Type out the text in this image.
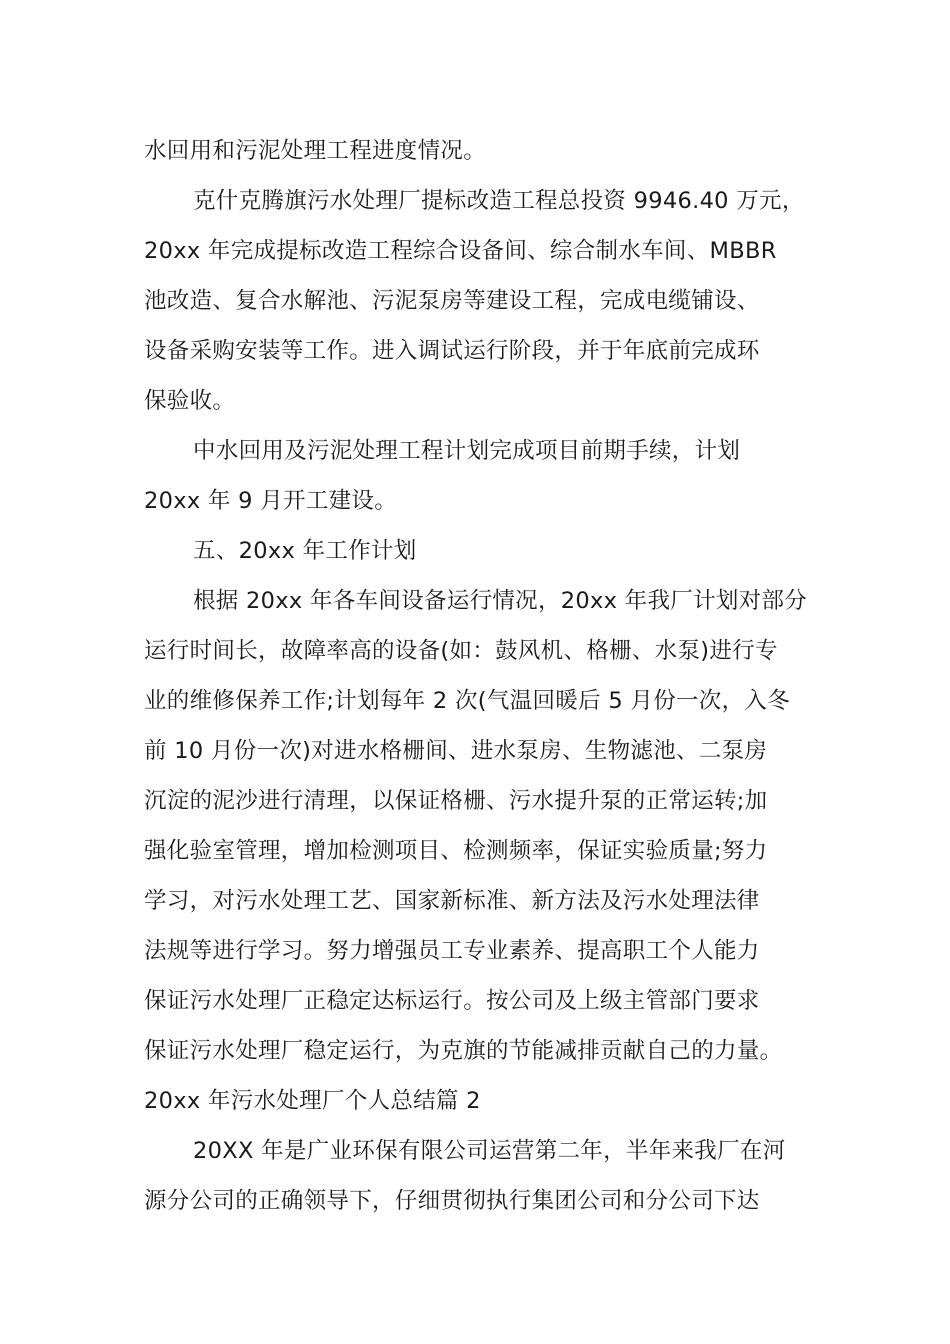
水回用和污泥处理工程进度情况。
克什克腾旗污水处理厂提标改造工程总投资 9946.40 万元，
20xx 年完成提标改造工程综合设备间、综合制水车间、MBBR
池改造、复合水解池、污泥泵房等建设工程，完成电缆铺设、
设备采购安装等工作。进入调试运行阶段，并于年底前完成环
保验收。
中水回用及污泥处理工程计划完成项目前期手续，计划
20xx 年 9 月开工建设。
五、20xx 年工作计划
根据 20xx 年各车间设备运行情况，20xx 年我厂计划对部分
运行时间长，故障率高的设备(如：鼓风机、格栅、水泵)进行专
业的维修保养工作;计划每年 2 次(气温回暖后 5 月份一次，入冬
前 10 月份一次)对进水格栅间、进水泵房、生物滤池、二泵房
沉淀的泥沙进行清理，以保证格栅、污水提升泵的正常运转;加
强化验室管理，增加检测项目、检测频率，保证实验质量;努力
学习，对污水处理工艺、国家新标准、新方法及污水处理法律
法规等进行学习。努力增强员工专业素养、提高职工个人能力
保证污水处理厂正稳定达标运行。按公司及上级主管部门要求
保证污水处理厂稳定运行，为克旗的节能减排贡献自己的力量。
20xx 年污水处理厂个人总结篇 2
20XX 年是广业环保有限公司运营第二年，半年来我厂在河
源分公司的正确领导下，仔细贯彻执行集团公司和分公司下达
